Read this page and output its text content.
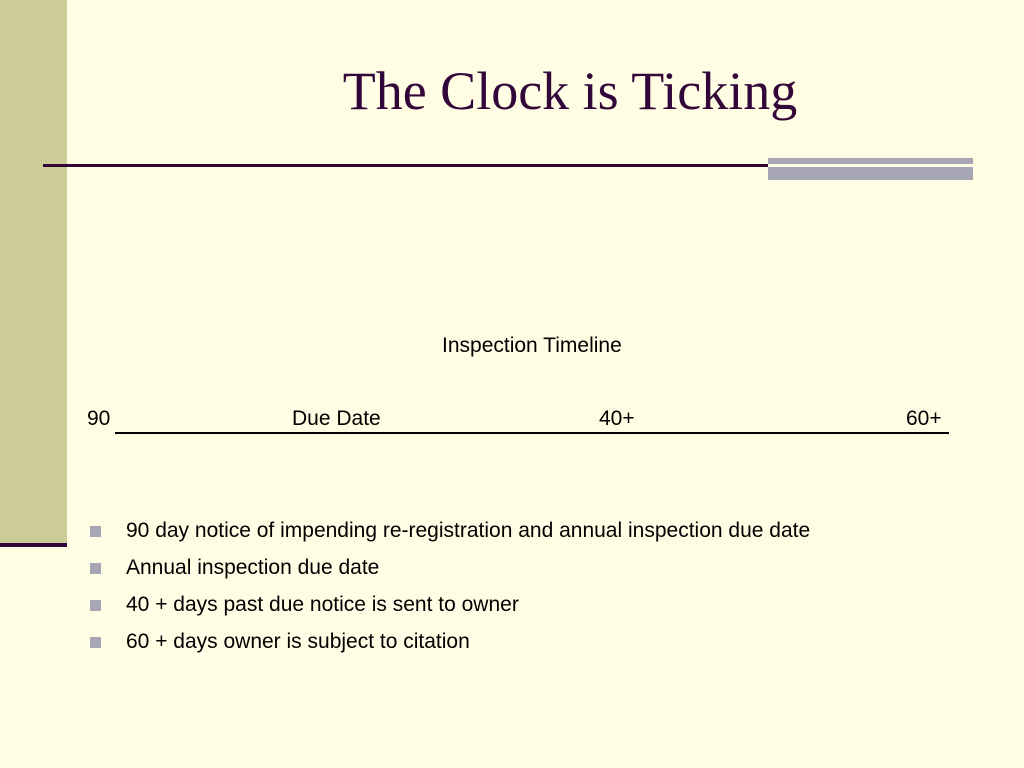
The Clock is Ticking
Inspection Timeline
90	Due Date	40+	60+
90 day notice of impending re-registration and annual inspection due date
Annual inspection due date
40 + days past due notice is sent to owner
60 + days owner is subject to citation
